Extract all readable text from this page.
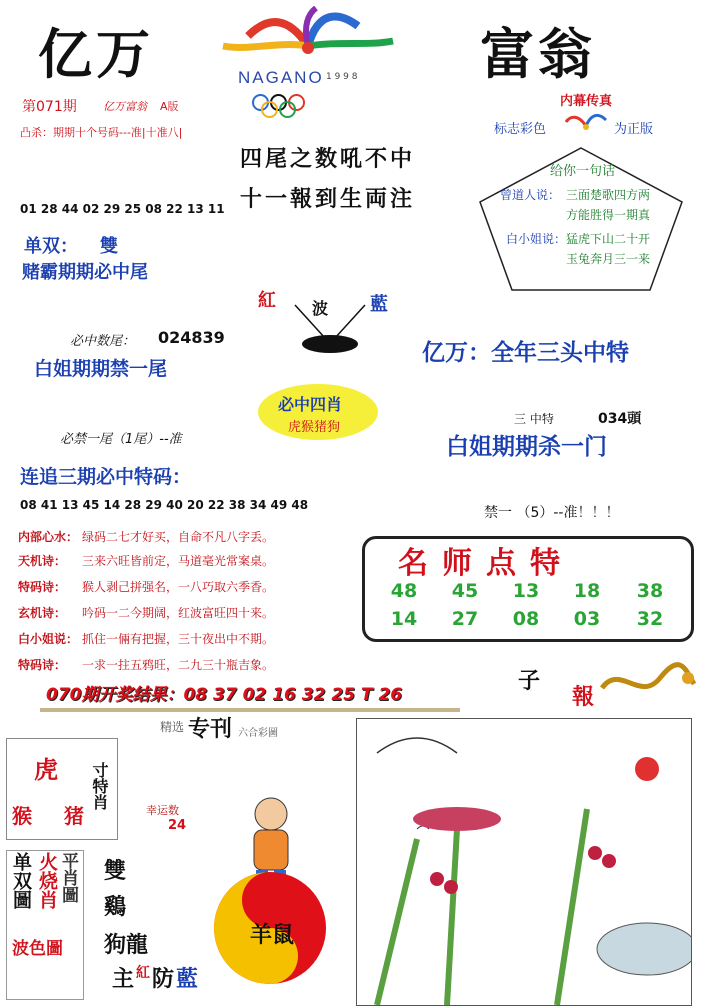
亿万	富翁
NAGANO 1 9 9 8
第071期 亿万富翁 A版
凸杀：期期十个号码---准|十准八|
四尾之数吼不中
十一報到生両注
内幕传真
标志彩色	为正版
给你一句话
曾道人说： 三面楚歌四方两
方能胜得一期真
白小姐说： 猛虎下山二十开
玉兔奔月三一来
01 28 44 02 29 25 08 22 13 11
单双： 雙
赌霸期期必中尾
紅 波 藍
必中数尾： 024839
白姐期期禁一尾
亿万：全年三头中特
必中四肖
虎猴猪狗
必禁一尾（1尾）--准
三 中特	034頭
白姐期期杀一门
连追三期必中特码：
08 41 13 45 14 28 29 40 20 22 38 34 49 48	禁一 （5）--准！！！
内部心水： 绿码二七才好买，自命不凡八字丢。
天机诗： 三来六旺皆前定，马道毫光常案桌。
特码诗： 猴人剥己拼强名，一八巧取六季香。
玄机诗： 吟码一二今期阔，红波富旺四十来。
白小姐说： 抓住一倆有把握，三十夜出中不期。
特码诗： 一求一拄五鸦旺，二九三十瓶吉象。
名师点特
48	45	13	18	38
14	27	08	03	32
070期开奖结果：08 37 02 16 32 25 T 26
子
報
精选 专刊 六合彩圖
虎
猴 猪
寸特肖
幸运数
24
单双圖 火烧肖 平肖圖
波色圖
雙
鷄
狗龍
主 紅 防 藍
羊鼠
